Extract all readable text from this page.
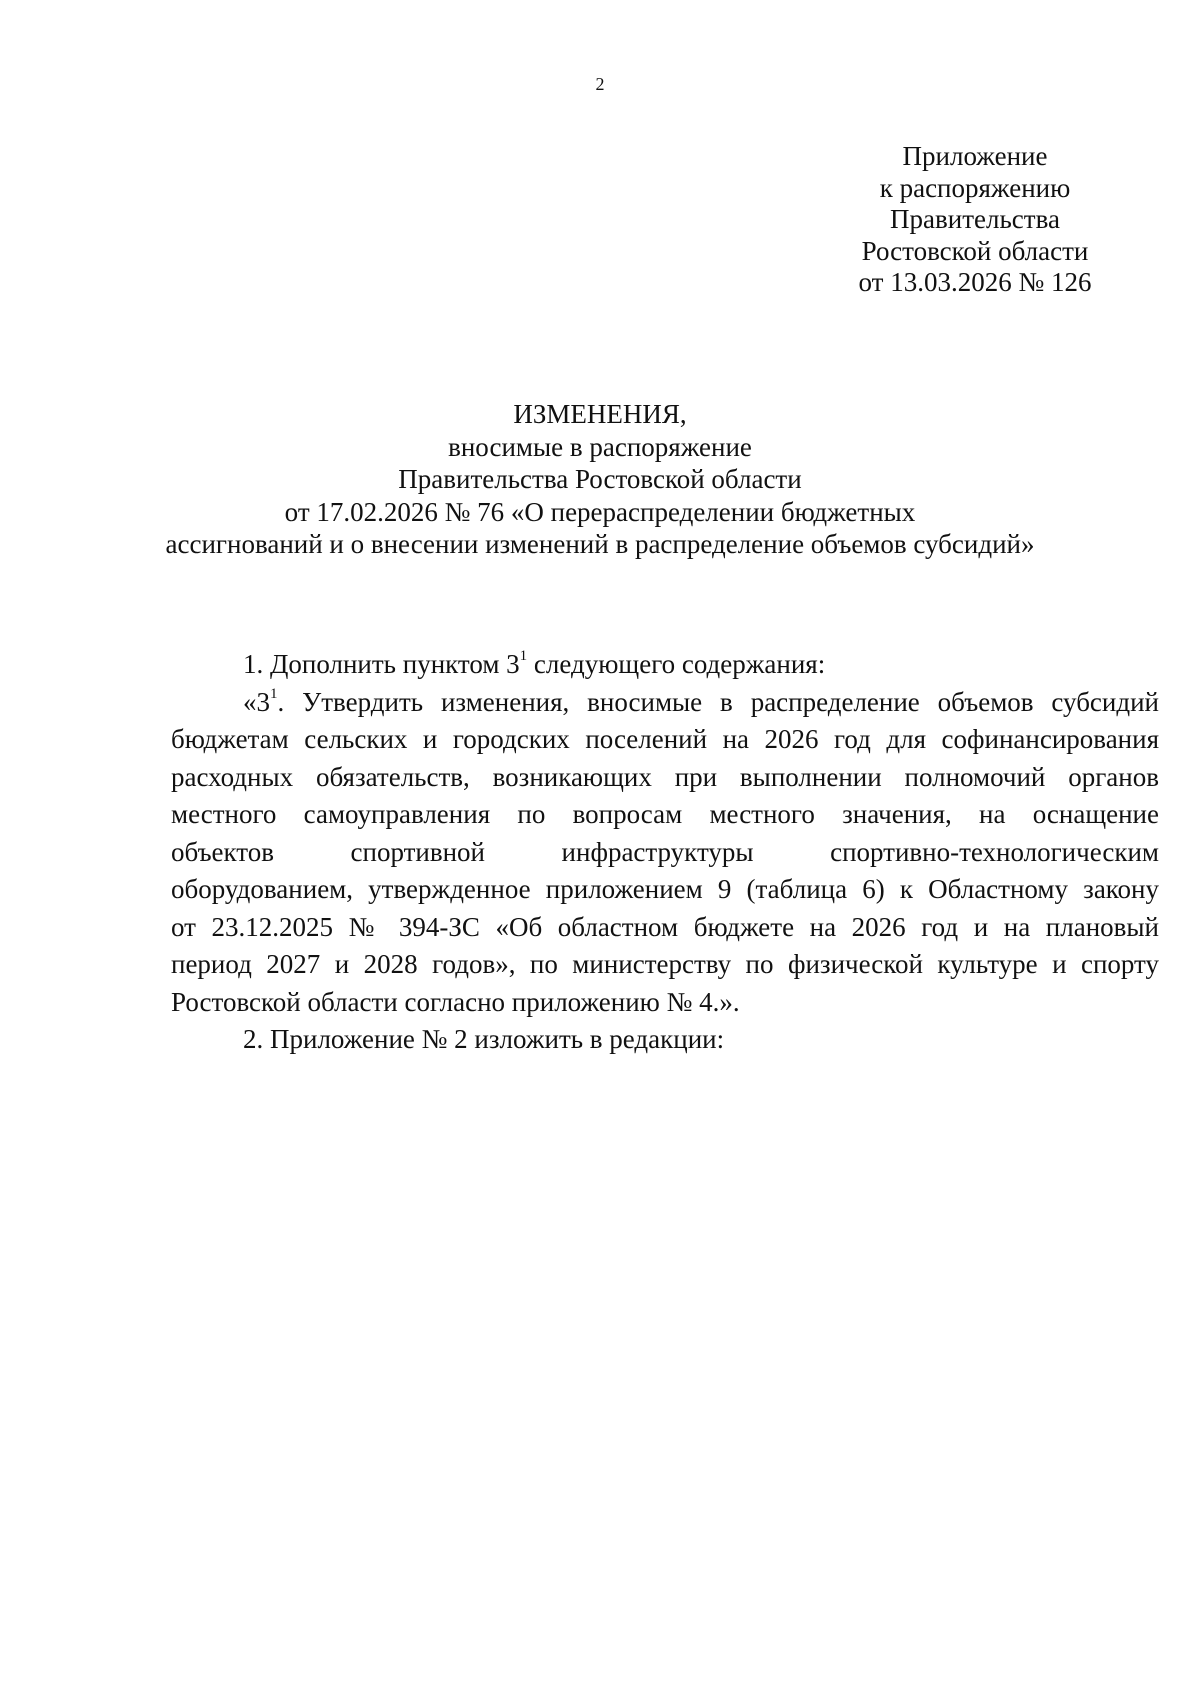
2
Приложение
к распоряжению
Правительства
Ростовской области
от 13.03.2026 № 126
ИЗМЕНЕНИЯ,
вносимые в распоряжение
Правительства Ростовской области
от 17.02.2026 № 76 «О перераспределении бюджетных
ассигнований и о внесении изменений в распределение объемов субсидий»
1. Дополнить пунктом $3^1$ следующего содержания:
«$3^1$. Утвердить изменения, вносимые в распределение объемов субсидий
бюджетам сельских и городских поселений на 2026 год для софинансирования
расходных обязательств, возникающих при выполнении полномочий органов
местного самоуправления по вопросам местного значения, на оснащение
объектов спортивной инфраструктуры спортивно-технологическим
оборудованием, утвержденное приложением 9 (таблица 6) к Областному закону
от 23.12.2025 № 394-ЗС «Об областном бюджете на 2026 год и на плановый
период 2027 и 2028 годов», по министерству по физической культуре и спорту
Ростовской области согласно приложению № 4.».
2. Приложение № 2 изложить в редакции:
